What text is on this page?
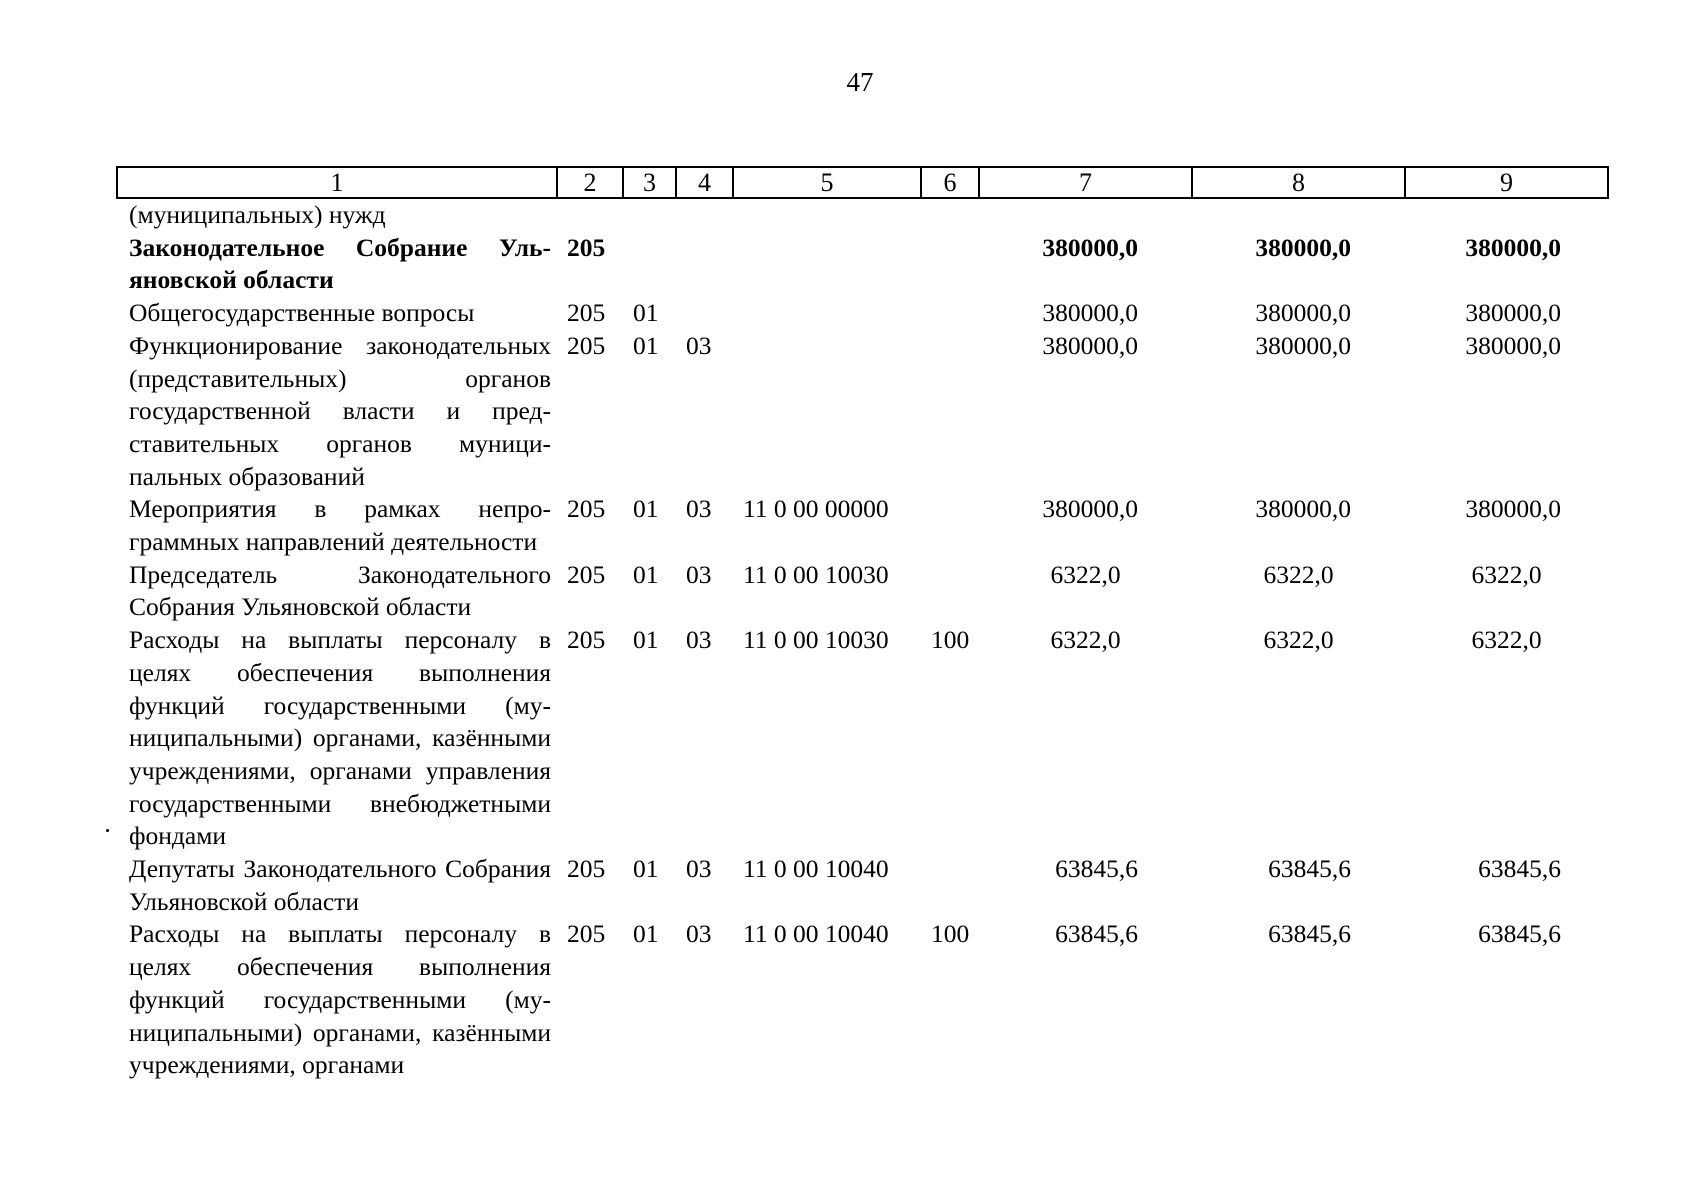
47
1	2	3	4	5	6	7	8	9
(муниципальных) нужд								
Законодательное Собрание Ульяновской области	205					380000,0	380000,0	380000,0
Общегосударственные вопросы	205	01				380000,0	380000,0	380000,0
Функционирование законодательных (представительных) органов государственной власти и представительных органов муниципальных образований	205	01	03			380000,0	380000,0	380000,0
Мероприятия в рамках непрограммных направлений деятельности	205	01	03	11 0 00 00000		380000,0	380000,0	380000,0
Председатель Законодательного Собрания Ульяновской области	205	01	03	11 0 00 10030		6322,0	6322,0	6322,0
Расходы на выплаты персоналу в целях обеспечения выполнения функций государственными (муниципальными) органами, казёнными учреждениями, органами управления государственными внебюджетными фондами	205	01	03	11 0 00 10030	100	6322,0	6322,0	6322,0
Депутаты Законодательного Собрания Ульяновской области	205	01	03	11 0 00 10040		63845,6	63845,6	63845,6
Расходы на выплаты персоналу в целях обеспечения выполнения функций государственными (муниципальными) органами, казёнными учреждениями, органами	205	01	03	11 0 00 10040	100	63845,6	63845,6	63845,6
